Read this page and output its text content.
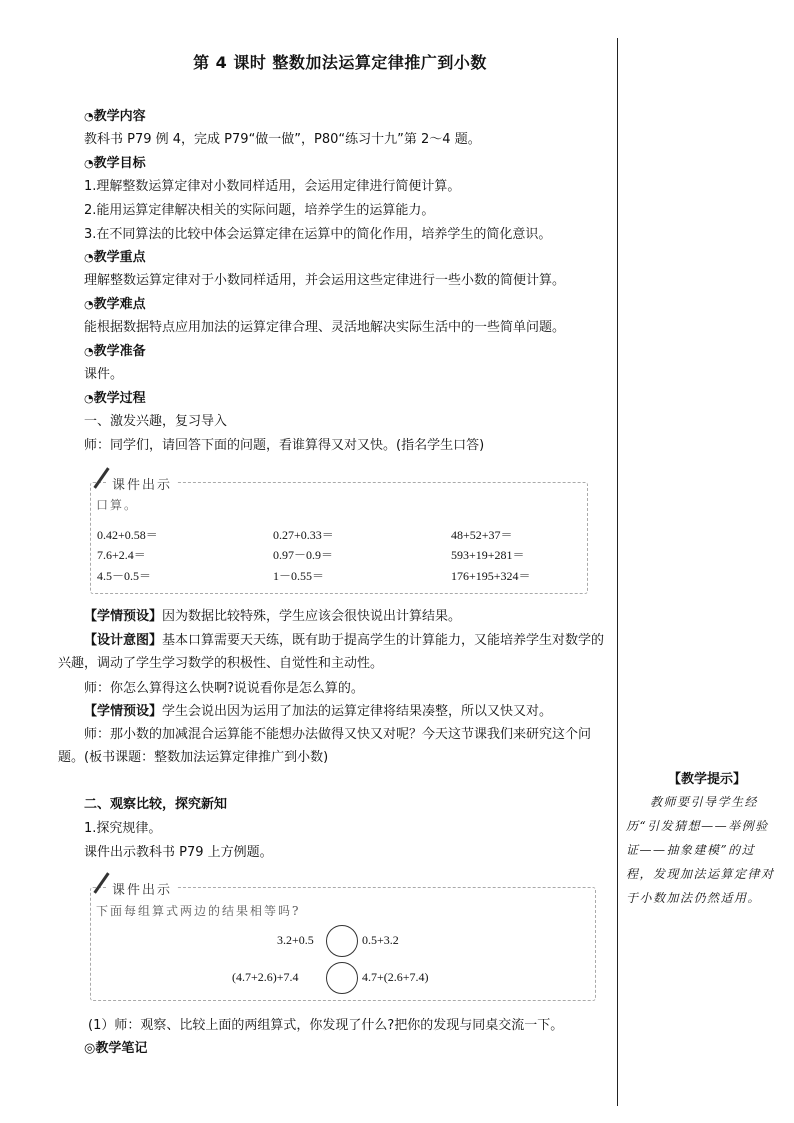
第 4 课时 整数加法运算定律推广到小数
◔教学内容
教科书 P79 例 4，完成 P79“做一做”，P80“练习十九”第 2～4 题。
◔教学目标
1.理解整数运算定律对小数同样适用，会运用定律进行简便计算。
2.能用运算定律解决相关的实际问题，培养学生的运算能力。
3.在不同算法的比较中体会运算定律在运算中的简化作用，培养学生的简化意识。
◔教学重点
理解整数运算定律对于小数同样适用，并会运用这些定律进行一些小数的简便计算。
◔教学难点
能根据数据特点应用加法的运算定律合理、灵活地解决实际生活中的一些简单问题。
◔教学准备
课件。
◔教学过程
一、激发兴趣，复习导入
师：同学们，请回答下面的问题，看谁算得又对又快。(指名学生口答)
课件出示
口算。
0.42+0.58＝	0.27+0.33＝	48+52+37＝
7.6+2.4＝	0.97－0.9＝	593+19+281＝
4.5－0.5＝	1－0.55＝	176+195+324＝
【学情预设】因为数据比较特殊，学生应该会很快说出计算结果。
【设计意图】基本口算需要天天练，既有助于提高学生的计算能力，又能培养学生对数学的兴趣，调动了学生学习数学的积极性、自觉性和主动性。
师：你怎么算得这么快啊?说说看你是怎么算的。
【学情预设】学生会说出因为运用了加法的运算定律将结果凑整，所以又快又对。
师：那小数的加减混合运算能不能想办法做得又快又对呢？今天这节课我们来研究这个问题。(板书课题：整数加法运算定律推广到小数)
二、观察比较，探究新知
1.探究规律。
课件出示教科书 P79 上方例题。
课件出示
下面每组算式两边的结果相等吗?
3.2+0.5	0.5+3.2
(4.7+2.6)+7.4	4.7+(2.6+7.4)
(1）师：观察、比较上面的两组算式，你发现了什么?把你的发现与同桌交流一下。
◎教学笔记
【教学提示】
教师要引导学生经历“引发猜想——举例验证——抽象建模”的过程，发现加法运算定律对于小数加法仍然适用。
